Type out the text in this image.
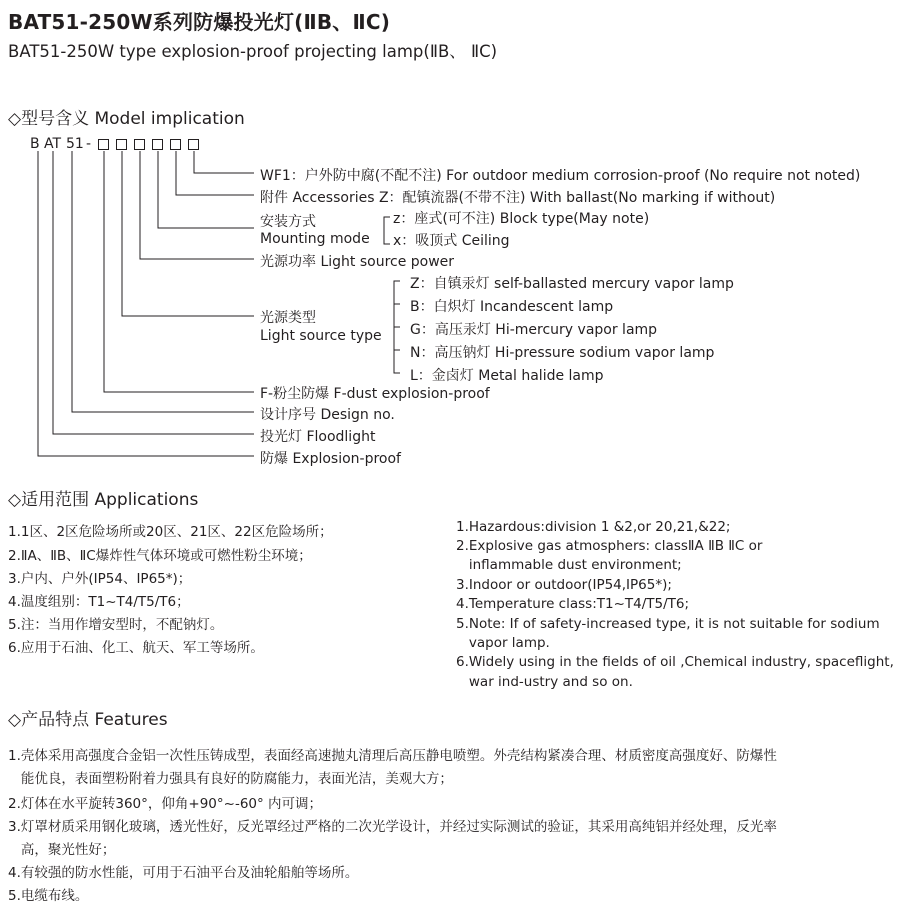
BAT51-250W系列防爆投光灯(ⅡB、ⅡC)
BAT51-250W type explosion-proof projecting lamp(ⅡB、 ⅡC)
◇型号含义 Model implication
B AT 51 -
WF1：户外防中腐(不配不注) For outdoor medium corrosion-proof (No require not noted)
附件 Accessories Z：配镇流器(不带不注) With ballast(No marking if without)
安装方式
Mounting mode
z：座式(可不注) Block type(May note)
x：吸顶式 Ceiling
光源功率 Light source power
光源类型
Light source type
Z：自镇汞灯 self-ballasted mercury vapor lamp
B：白炽灯 Incandescent lamp
G：高压汞灯 Hi-mercury vapor lamp
N：高压钠灯 Hi-pressure sodium vapor lamp
L：金卤灯 Metal halide lamp
F-粉尘防爆 F-dust explosion-proof
设计序号 Design no.
投光灯 Floodlight
防爆 Explosion-proof
◇适用范围 Applications
1.1区、2区危险场所或20区、21区、22区危险场所；
2.ⅡA、ⅡB、ⅡC爆炸性气体环境或可燃性粉尘环境；
3.户内、户外(IP54、IP65*)；
4.温度组别：T1~T4/T5/T6；
5.注：当用作增安型时，不配钠灯。
6.应用于石油、化工、航天、军工等场所。
1.Hazardous:division 1 &2,or 20,21,&22;
2.Explosive gas atmosphers: classⅡA ⅡB ⅡC or
inflammable dust environment;
3.Indoor or outdoor(IP54,IP65*);
4.Temperature class:T1~T4/T5/T6;
5.Note: If of safety-increased type, it is not suitable for sodium
vapor lamp.
6.Widely using in the fields of oil ,Chemical industry, spaceflight,
war ind-ustry and so on.
◇产品特点 Features
1.壳体采用高强度合金铝一次性压铸成型，表面经高速抛丸清理后高压静电喷塑。外壳结构紧凑合理、材质密度高强度好、防爆性
能优良，表面塑粉附着力强具有良好的防腐能力，表面光洁，美观大方；
2.灯体在水平旋转360°，仰角+90°~-60° 内可调；
3.灯罩材质采用钢化玻璃，透光性好，反光罩经过严格的二次光学设计，并经过实际测试的验证，其采用高纯铝并经处理，反光率
高，聚光性好；
4.有较强的防水性能，可用于石油平台及油轮船舶等场所。
5.电缆布线。
